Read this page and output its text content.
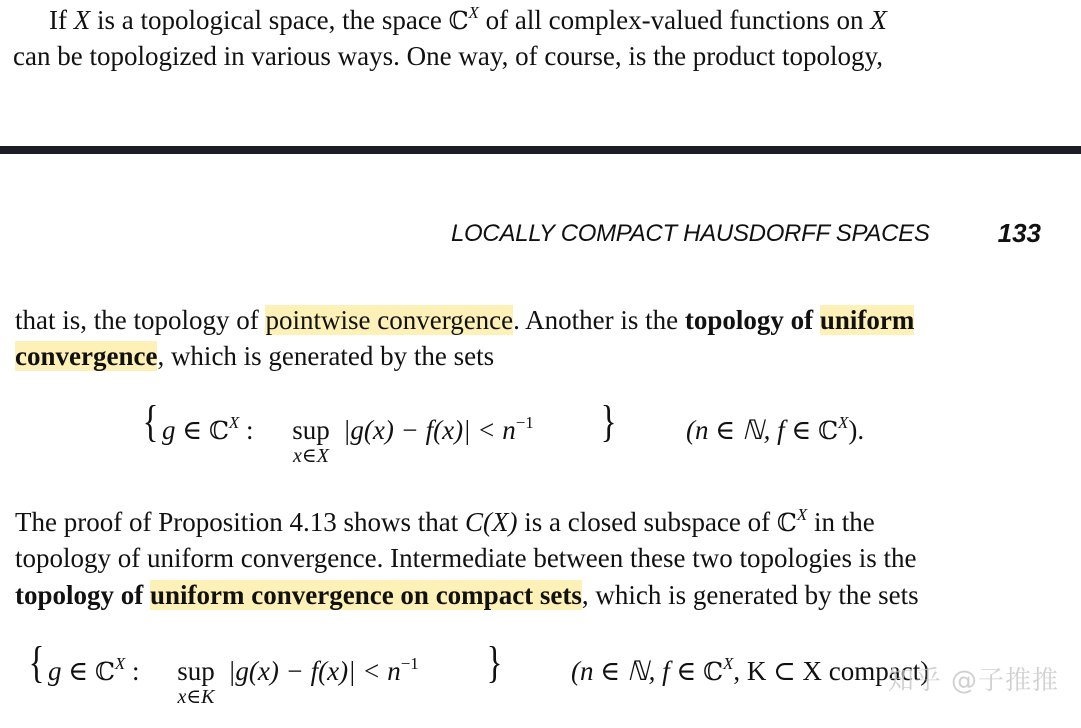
If X is a topological space, the space ℂ$^X$ of all complex-valued functions on X
can be topologized in various ways. One way, of course, is the product topology,
LOCALLY COMPACT HAUSDORFF SPACES	133
that is, the topology of pointwise convergence. Another is the topology of uniform
convergence, which is generated by the sets
{ g ∈ ℂ$^X$ :	sup
x∈X
$|g(x) - f(x)| < n^{-1}$ }	(n ∈ ℕ, f ∈ ℂ$^X$).
The proof of Proposition 4.13 shows that C(X) is a closed subspace of ℂ$^X$ in the
topology of uniform convergence. Intermediate between these two topologies is the
topology of uniform convergence on compact sets, which is generated by the sets
{ g ∈ ℂ$^X$ :	sup
x∈K
$|g(x) - f(x)| < n^{-1}$ }	(n ∈ ℕ, f ∈ ℂ$^X$, K ⊂ X compact)
知乎 @子推推
